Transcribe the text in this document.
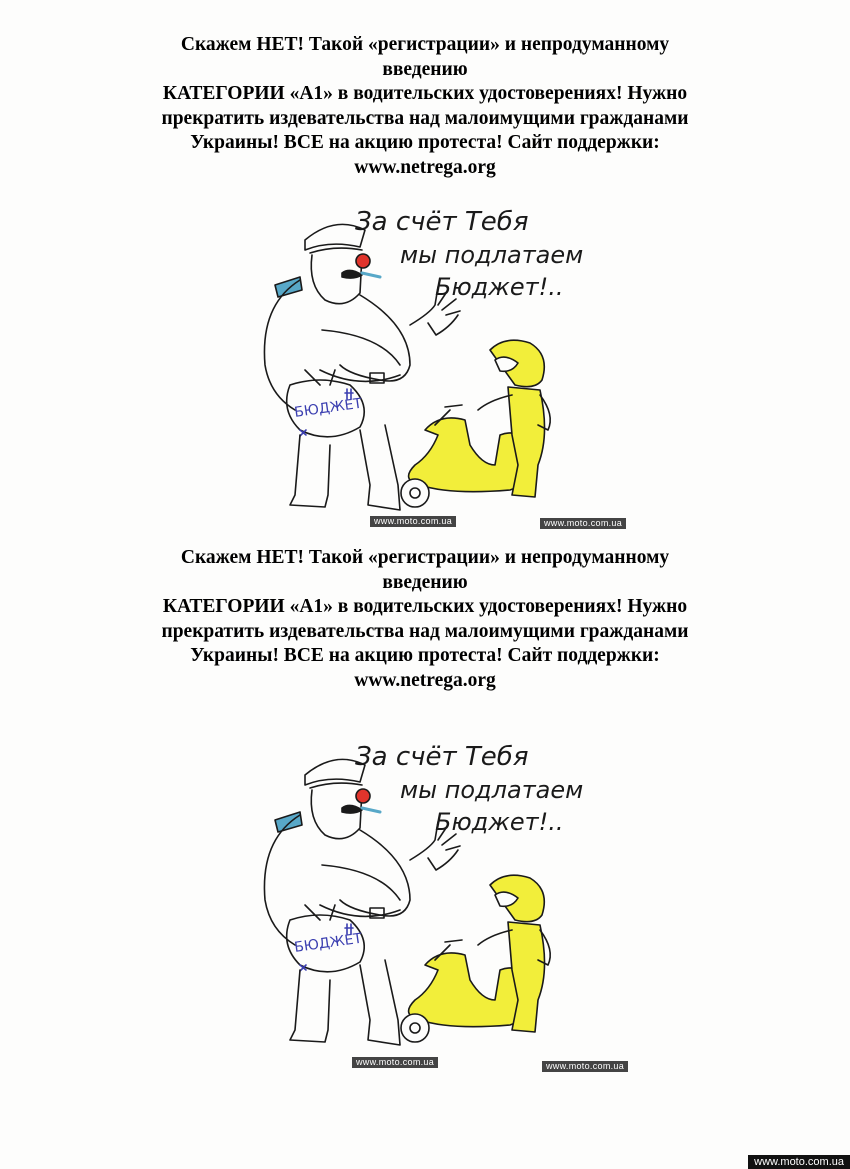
Скажем НЕТ! Такой «регистрации» и непродуманному
введению
КАТЕГОРИИ «А1» в водительских удостоверениях! Нужно
прекратить издевательства над малоимущими гражданами
Украины! ВСЕ на акцию протеста! Сайт поддержки:
www.netrega.org
За счёт Тебя
мы подлатаем
Бюджет!..
БЮДЖЕТ
www.moto.com.ua	www.moto.com.ua
Скажем НЕТ! Такой «регистрации» и непродуманному
введению
КАТЕГОРИИ «А1» в водительских удостоверениях! Нужно
прекратить издевательства над малоимущими гражданами
Украины! ВСЕ на акцию протеста! Сайт поддержки:
www.netrega.org
За счёт Тебя
мы подлатаем
Бюджет!..
БЮДЖЕТ
www.moto.com.ua	www.moto.com.ua
www.moto.com.ua
